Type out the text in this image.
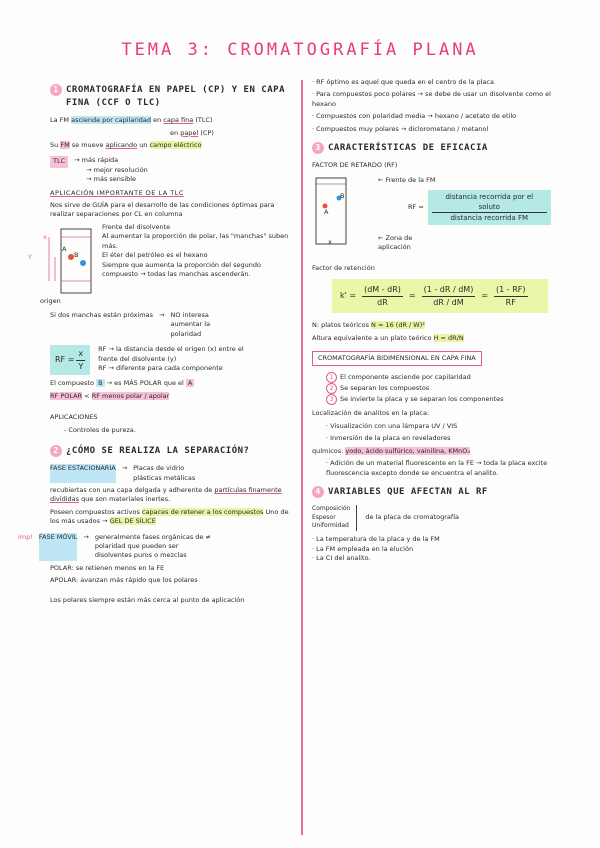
TEMA 3: CROMATOGRAFÍA PLANA
1 CROMATOGRAFÍA EN PAPEL (CP) Y EN CAPA FINA (CCF O TLC)
La FM asciende por capilaridad en capa fina (TLC)
en papel (CP)
Su FM se mueve aplicando un campo eléctrico
TLC	→ más rápida
→ mejor resolución
→ más sensible
APLICACIÓN IMPORTANTE DE LA TLC
Nos sirve de GUÍA para el desarrollo de las condiciones óptimas para realizar separaciones por CL en columna
Y
x
A
B
origen
Frente del disolvente
Al aumentar la proporción de polar, las "manchas" suben más.
El éter del petróleo es el hexano
Siempre que aumenta la proporción del segundo compuesto → todas las manchas ascenderán.
Si dos manchas están próximas → NO interesa aumentar la polaridad
RF = $\frac{x}{Y}$ RF → la distancia desde el origen (x) entre el frente del disolvente (y)
RF → diferente para cada componente
El compuesto B → es MÁS POLAR que el A
RF POLAR < RF menos polar / apolar
APLICACIONES
- Controles de pureza.
2 ¿CÓMO SE REALIZA LA SEPARACIÓN?
FASE ESTACIONARIA → Placas de vidrio plásticas metálicas
recubiertas con una capa delgada y adherente de partículas finamente divididas que son materiales inertes.
Poseen compuestos activos capaces de retener a los compuestos Uno de los más usados → GEL DE SÍLICE
imp! FASE MÓVIL → generalmente fases orgánicas de ≠ polaridad que pueden ser disolventes puros o mezclas
POLAR: se retienen menos en la FE
APOLAR: avanzan más rápido que los polares
Los polares siempre están más cerca al punto de aplicación
· RF óptimo es aquel que queda en el centro de la placa
· Para compuestos poco polares → se debe de usar un disolvente como el hexano
· Compuestos con polaridad media → hexano / acetato de etilo
· Compuestos muy polares → diclorometano / metanol
3 CARACTERÍSTICAS DE EFICACIA
FACTOR DE RETARDO (RF)
A
B
x
← Frente de la FM
RF = $\frac{\text{distancia recorrida por el soluto}}{\text{distancia recorrida FM}}$
← Zona de aplicación
Factor de retención
$k' = \frac{(dM - dR)}{dR} = \frac{(1 - dR / dM)}{dR / dM} = \frac{(1 - RF)}{RF}$
N: platos teóricos N = 16 (dR / W)²
Altura equivalente a un plato teórico H = dR/N
CROMATOGRAFÍA BIDIMENSIONAL EN CAPA FINA
1 El componente asciende por capilaridad
2 Se separan los compuestos
3 Se invierte la placa y se separan los componentes
Localización de analitos en la placa:
· Visualización con una lámpara UV / VIS
· Inmersión de la placa en reveladores
químicos: yodo, ácido sulfúrico, vainilina, KMnO₄
· Adición de un material fluorescente en la FE → toda la placa excite fluorescencia excepto donde se encuentra el analito.
4 VARIABLES QUE AFECTAN AL RF
Composición
Espesor
Uniformidad
de la placa de cromatografía
· La temperatura de la placa y de la FM
· La FM empleada en la elución
· La CI del analito.
